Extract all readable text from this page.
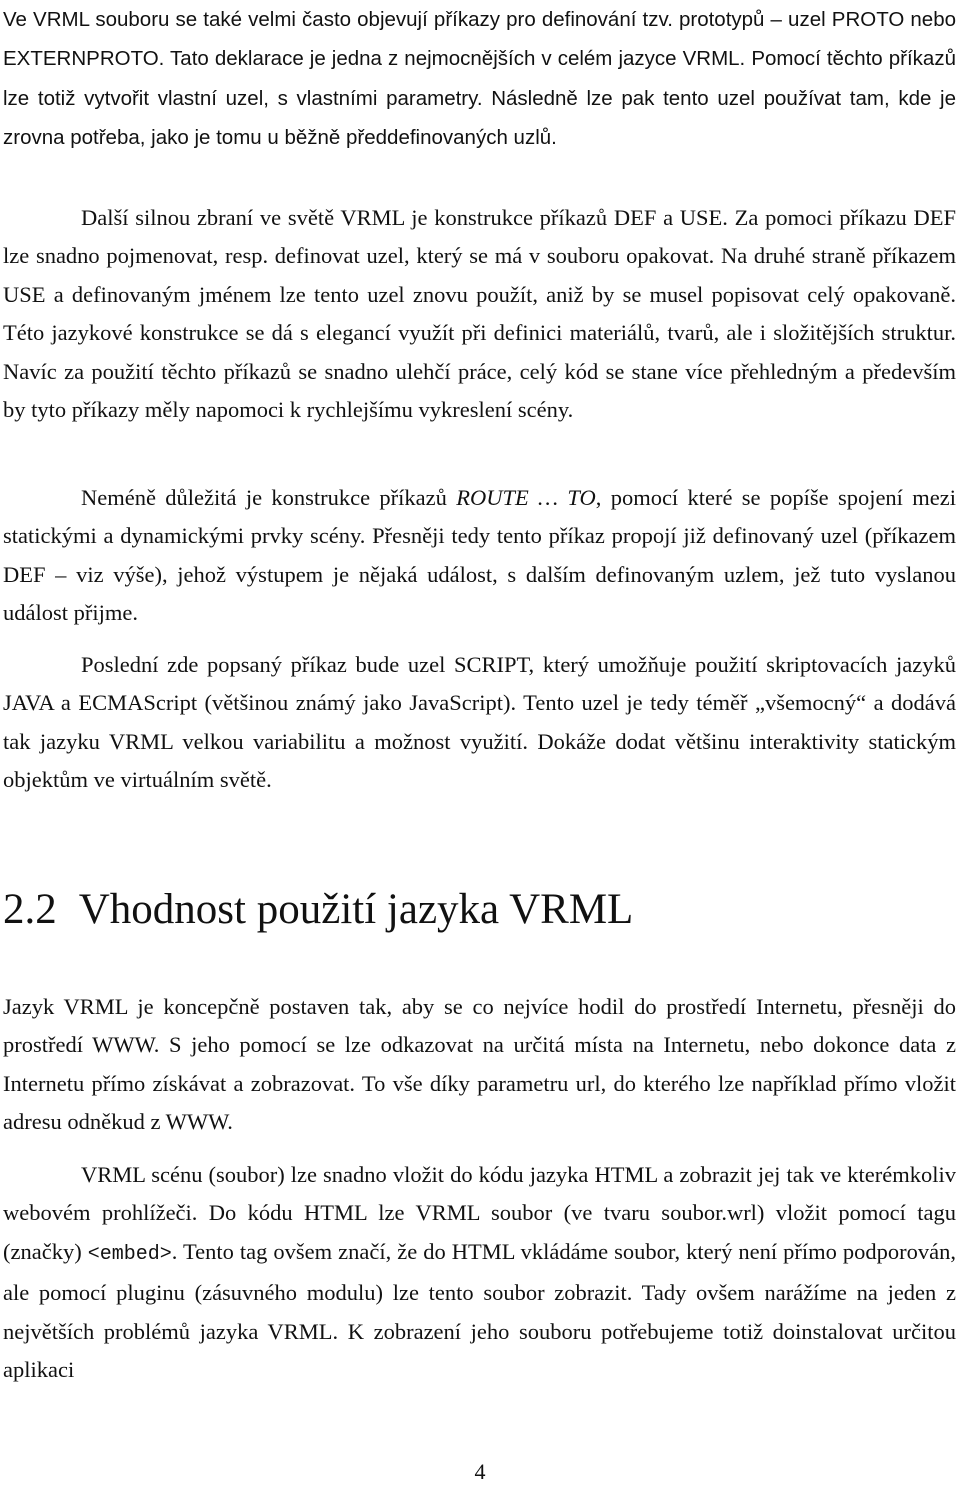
Ve VRML souboru se také velmi často objevují příkazy pro definování tzv. prototypů – uzel PROTO nebo EXTERNPROTO. Tato deklarace je jedna z nejmocnějších v celém jazyce VRML. Pomocí těchto příkazů lze totiž vytvořit vlastní uzel, s vlastními parametry. Následně lze pak tento uzel používat tam, kde je zrovna potřeba, jako je tomu u běžně předdefinovaných uzlů.

Další silnou zbraní ve světě VRML je konstrukce příkazů DEF a USE. Za pomoci příkazu DEF lze snadno pojmenovat, resp. definovat uzel, který se má v souboru opakovat. Na druhé straně příkazem USE a definovaným jménem lze tento uzel znovu použít, aniž by se musel popisovat celý opakovaně. Této jazykové konstrukce se dá s elegancí využít při definici materiálů, tvarů, ale i složitějších struktur. Navíc za použití těchto příkazů se snadno ulehčí práce, celý kód se stane více přehledným a především by tyto příkazy měly napomoci k rychlejšímu vykreslení scény.

Neméně důležitá je konstrukce příkazů ROUTE … TO, pomocí které se popíše spojení mezi statickými a dynamickými prvky scény. Přesněji tedy tento příkaz propojí již definovaný uzel (příkazem DEF – viz výše), jehož výstupem je nějaká událost, s dalším definovaným uzlem, jež tuto vyslanou událost přijme.

Poslední zde popsaný příkaz bude uzel SCRIPT, který umožňuje použití skriptovacích jazyků JAVA a ECMAScript (většinou známý jako JavaScript). Tento uzel je tedy téměř „všemocný“ a dodává tak jazyku VRML velkou variabilitu a možnost využití. Dokáže dodat většinu interaktivity statickým objektům ve virtuálním světě.

2.2 Vhodnost použití jazyka VRML

Jazyk VRML je koncepčně postaven tak, aby se co nejvíce hodil do prostředí Internetu, přesněji do prostředí WWW. S jeho pomocí se lze odkazovat na určitá místa na Internetu, nebo dokonce data z Internetu přímo získávat a zobrazovat. To vše díky parametru url, do kterého lze například přímo vložit adresu odněkud z WWW.

VRML scénu (soubor) lze snadno vložit do kódu jazyka HTML a zobrazit jej tak ve kterémkoliv webovém prohlížeči. Do kódu HTML lze VRML soubor (ve tvaru soubor.wrl) vložit pomocí tagu (značky) <embed>. Tento tag ovšem značí, že do HTML vkládáme soubor, který není přímo podporován, ale pomocí pluginu (zásuvného modulu) lze tento soubor zobrazit. Tady ovšem narážíme na jeden z největších problémů jazyka VRML. K zobrazení jeho souboru potřebujeme totiž doinstalovat určitou aplikaci

4
